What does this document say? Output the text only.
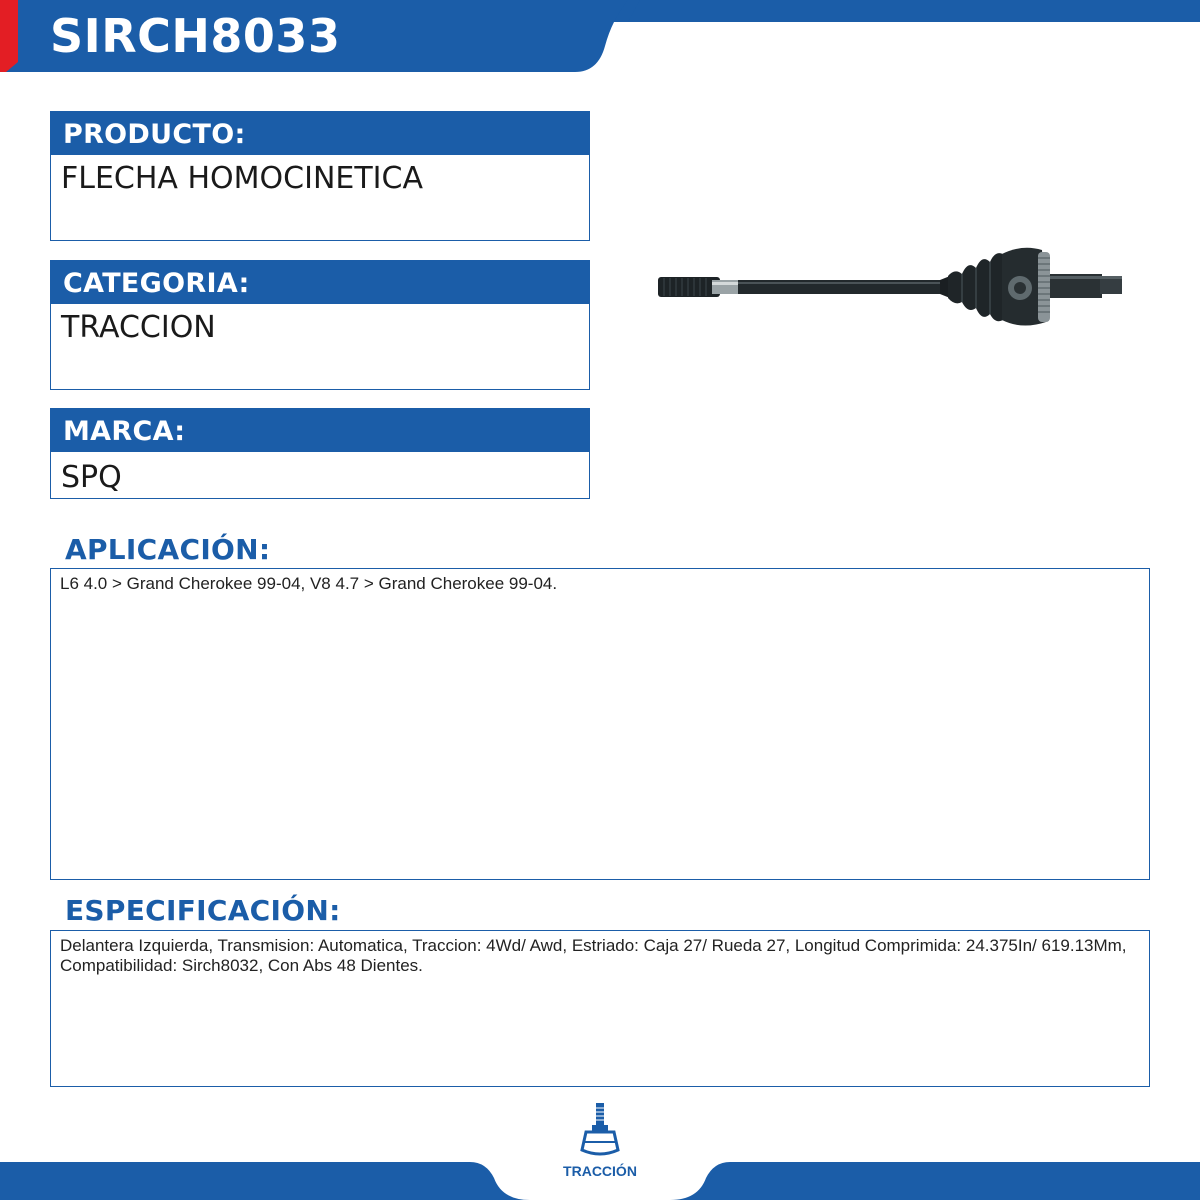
SIRCH8033
PRODUCTO:
FLECHA HOMOCINETICA
CATEGORIA:
TRACCION
MARCA:
SPQ
APLICACIÓN:
L6 4.0 > Grand Cherokee 99-04, V8 4.7 > Grand Cherokee 99-04.
ESPECIFICACIÓN:
Delantera Izquierda, Transmision: Automatica, Traccion: 4Wd/ Awd, Estriado: Caja 27/ Rueda 27, Longitud Comprimida: 24.375In/ 619.13Mm, Compatibilidad: Sirch8032, Con Abs 48 Dientes.
TRACCIÓN
